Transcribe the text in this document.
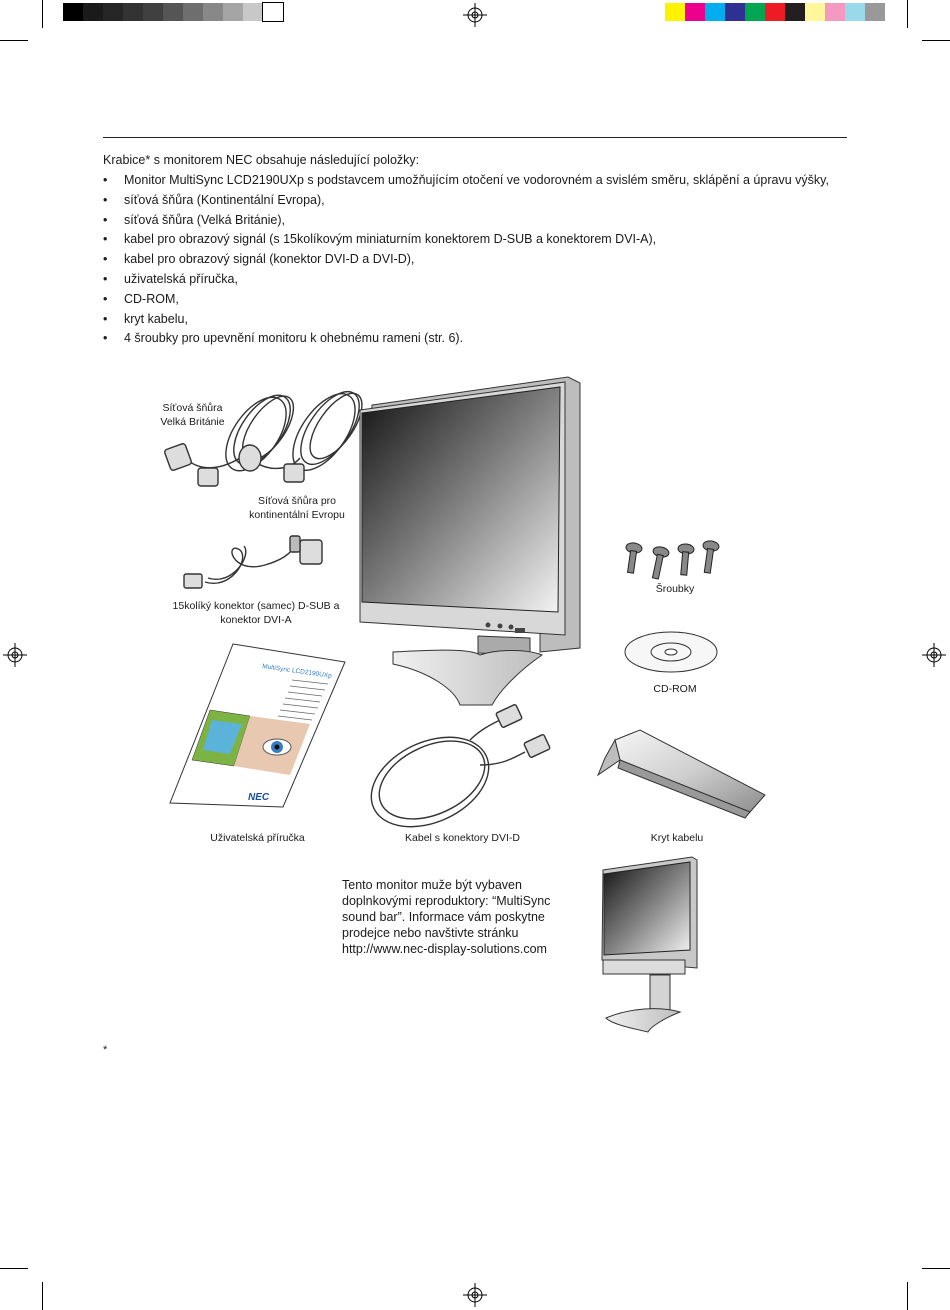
Krabice* s monitorem NEC obsahuje následující položky:
• Monitor MultiSync LCD2190UXp s podstavcem umožňujícím otočení ve vodorovném a svislém směru, sklápění a úpravu výšky,
• síťová šňůra (Kontinentální Evropa),
• síťová šňůra (Velká Británie),
• kabel pro obrazový signál (s 15kolíkovým miniaturním konektorem D-SUB a konektorem DVI-A),
• kabel pro obrazový signál (konektor DVI-D a DVI-D),
• uživatelská příručka,
• CD-ROM,
• kryt kabelu,
• 4 šroubky pro upevnění monitoru k ohebnému rameni (str. 6).
MultiSync LCD2190UXp
NEC
Síťová šňůra
Velká Británie
Síťová šňůra pro
kontinentální Evropu
15kolíký konektor (samec) D-SUB a
konektor DVI-A
Šroubky
CD-ROM
Uživatelská příručka	Kabel s konektory DVI-D	Kryt kabelu
Tento monitor muže být vybaven doplnkovými reproduktory: “MultiSync sound bar”. Informace vám poskytne prodejce nebo navštivte stránku http://www.nec-display-solutions.com
*
